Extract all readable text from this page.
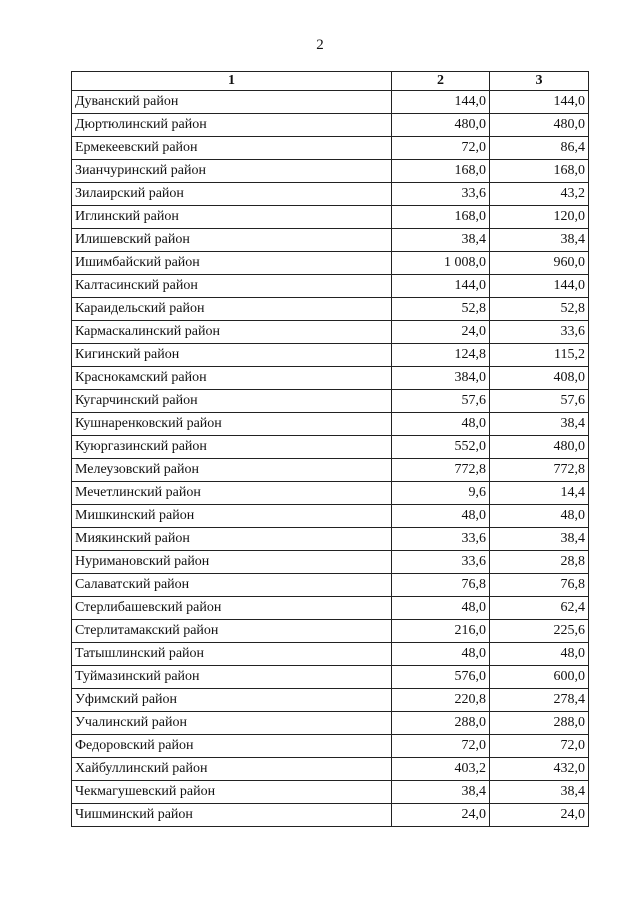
2
1	2	3
Дуванский район	144,0	144,0
Дюртюлинский район	480,0	480,0
Ермекеевский район	72,0	86,4
Зианчуринский район	168,0	168,0
Зилаирский район	33,6	43,2
Иглинский район	168,0	120,0
Илишевский район	38,4	38,4
Ишимбайский район	1 008,0	960,0
Калтасинский район	144,0	144,0
Караидельский район	52,8	52,8
Кармаскалинский район	24,0	33,6
Кигинский район	124,8	115,2
Краснокамский район	384,0	408,0
Кугарчинский район	57,6	57,6
Кушнаренковский район	48,0	38,4
Куюргазинский район	552,0	480,0
Мелеузовский район	772,8	772,8
Мечетлинский район	9,6	14,4
Мишкинский район	48,0	48,0
Миякинский район	33,6	38,4
Нуримановский район	33,6	28,8
Салаватский район	76,8	76,8
Стерлибашевский район	48,0	62,4
Стерлитамакский район	216,0	225,6
Татышлинский район	48,0	48,0
Туймазинский район	576,0	600,0
Уфимский район	220,8	278,4
Учалинский район	288,0	288,0
Федоровский район	72,0	72,0
Хайбуллинский район	403,2	432,0
Чекмагушевский район	38,4	38,4
Чишминский район	24,0	24,0
